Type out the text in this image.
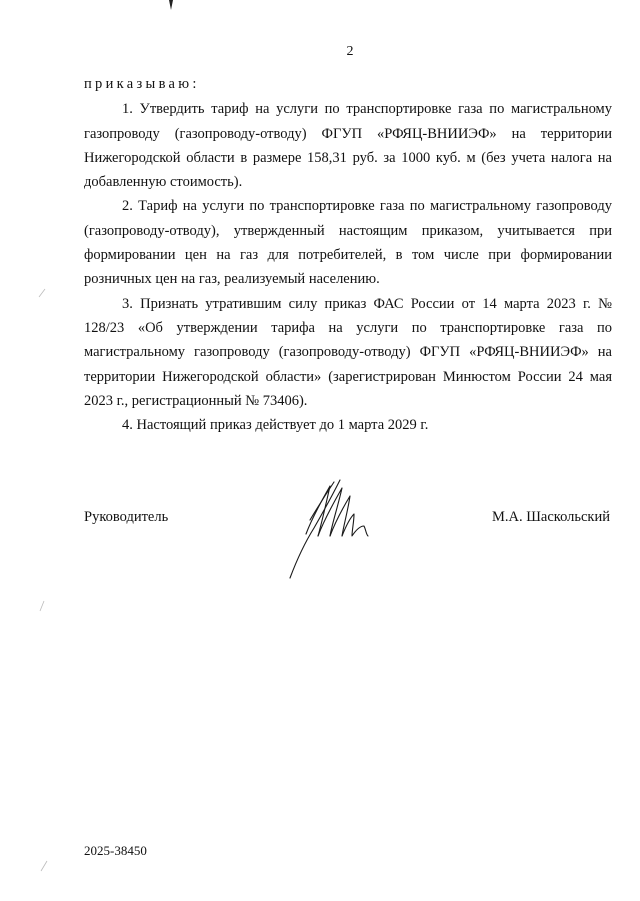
2

приказываю:

1. Утвердить тариф на услуги по транспортировке газа по магистральному газопроводу (газопроводу-отводу) ФГУП «РФЯЦ-ВНИИЭФ» на территории Нижегородской области в размере 158,31 руб. за 1000 куб. м (без учета налога на добавленную стоимость).

2. Тариф на услуги по транспортировке газа по магистральному газопроводу (газопроводу-отводу), утвержденный настоящим приказом, учитывается при формировании цен на газ для потребителей, в том числе при формировании розничных цен на газ, реализуемый населению.

3. Признать утратившим силу приказ ФАС России от 14 марта 2023 г. № 128/23 «Об утверждении тарифа на услуги по транспортировке газа по магистральному газопроводу (газопроводу-отводу) ФГУП «РФЯЦ-ВНИИЭФ» на территории Нижегородской области» (зарегистрирован Минюстом России 24 мая 2023 г., регистрационный № 73406).

4. Настоящий приказ действует до 1 марта 2029 г.

Руководитель	М.А. Шаскольский
2025-38450
